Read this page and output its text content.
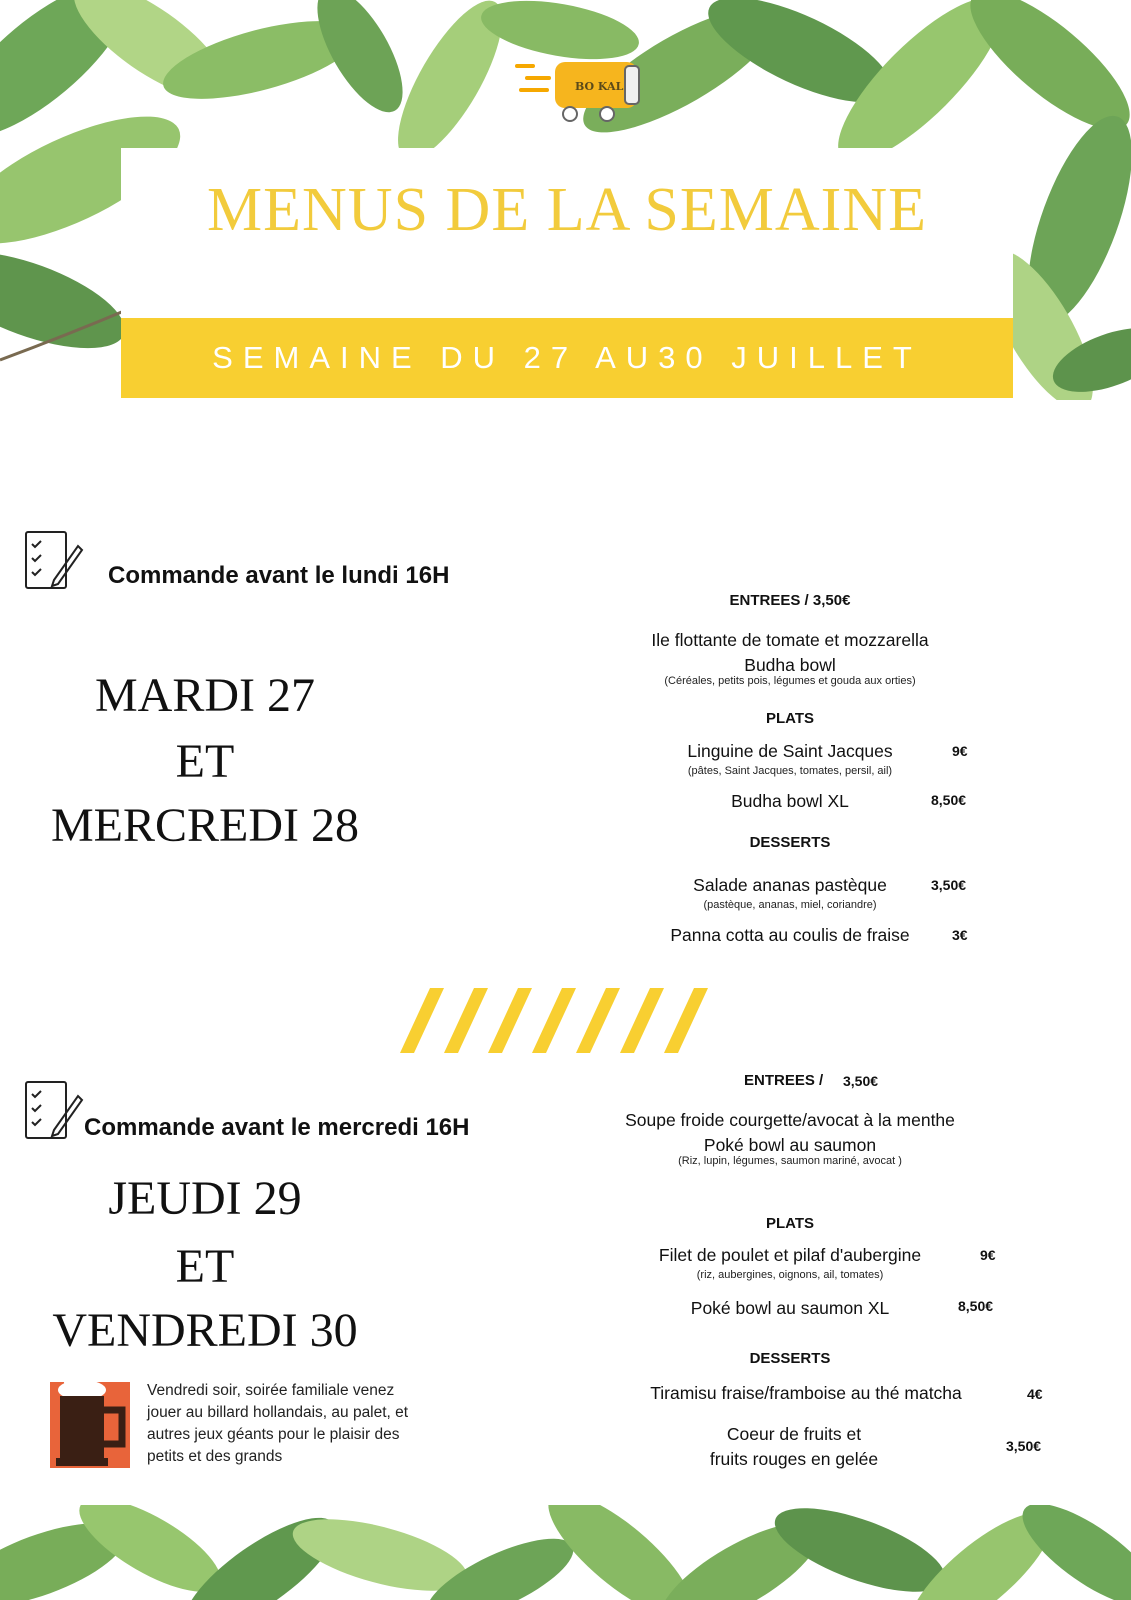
BO KAL
MENUS DE LA SEMAINE
SEMAINE DU 27 AU30 JUILLET
Commande avant le lundi 16H
MARDI 27
ET
MERCREDI 28
ENTREES / 3,50€
Ile flottante de tomate et mozzarella
Budha bowl
(Céréales, petits pois, légumes et gouda aux orties)
PLATS
Linguine de Saint Jacques	9€
(pâtes, Saint Jacques, tomates, persil, ail)
Budha bowl XL	8,50€
DESSERTS
Salade ananas pastèque	3,50€
(pastèque, ananas, miel, coriandre)
Panna cotta au coulis de fraise	3€
Commande avant le mercredi 16H
JEUDI 29
ET
VENDREDI 30
ENTREES / 3,50€
Soupe froide courgette/avocat à la menthe
Poké bowl au saumon
(Riz, lupin, légumes, saumon mariné, avocat )
PLATS
Filet de poulet et pilaf d'aubergine	9€
(riz, aubergines, oignons, ail, tomates)
Poké bowl au saumon XL	8,50€
DESSERTS
Tiramisu fraise/framboise au thé matcha	4€
Coeur de fruits et
fruits rouges en gelée
3,50€
Vendredi soir, soirée familiale venez jouer au billard hollandais, au palet, et autres jeux géants pour le plaisir des petits et des grands
